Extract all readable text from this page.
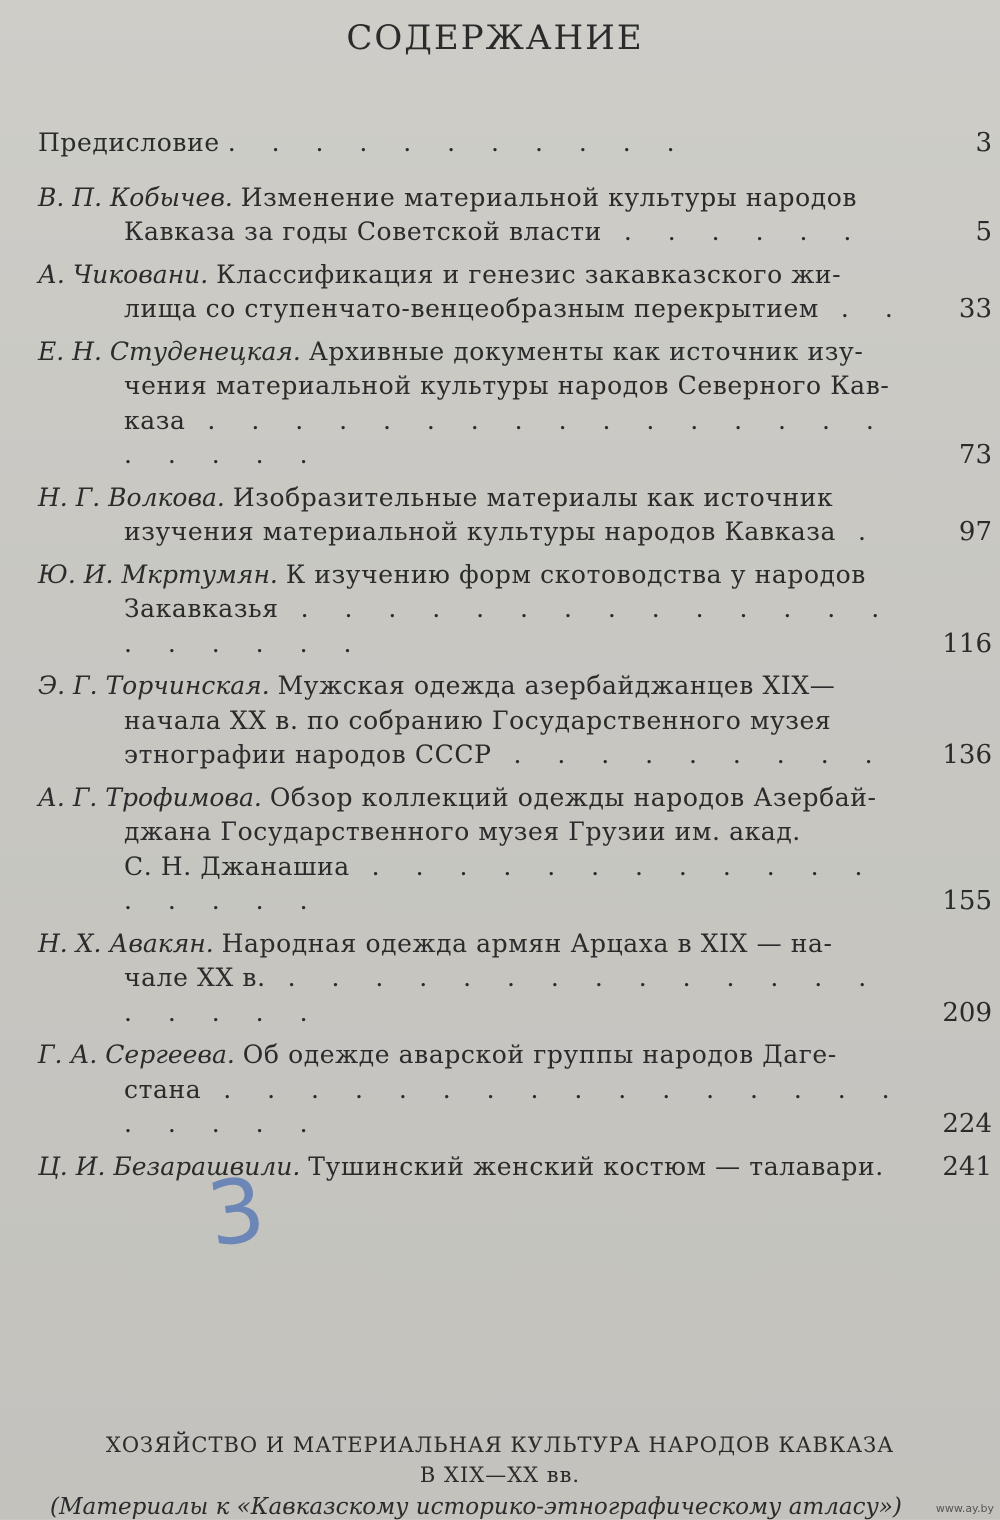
СОДЕРЖАНИЕ
Предисловие . . . . . . . . . . .	3
В. П. Кобычев. Изменение материальной культуры народов
Кавказа за годы Советской власти . . . . . .	5
А. Чиковани. Классификация и генезис закавказского жи-
лища со ступенчато-венцеобразным перекрытием . . 33
Е. Н. Студенецкая. Архивные документы как источник изу-
чения материальной культуры народов Северного Кав-
каза . . . . . . . . . . . . . . . . . . . . .	73
Н. Г. Волкова. Изобразительные материалы как источник
изучения материальной культуры народов Кавказа .	97
Ю. И. Мкртумян. К изучению форм скотоводства у народов
Закавказья . . . . . . . . . . . . . . . . . . . .	116
Э. Г. Торчинская. Мужская одежда азербайджанцев XIX—
начала XX в. по собранию Государственного музея
этнографии народов СССР . . . . . . . . .	136
А. Г. Трофимова. Обзор коллекций одежды народов Азербай-
джана Государственного музея Грузии им. акад.
С. Н. Джанашиа . . . . . . . . . . . . . . . . .	155
Н. Х. Авакян. Народная одежда армян Арцаха в XIX — на-
чале XX в. . . . . . . . . . . . . . . . . . . .	209
Г. А. Сергеева. Об одежде аварской группы народов Даге-
стана . . . . . . . . . . . . . . . . . . . . .	224
Ц. И. Безарашвили. Тушинский женский костюм — талавари.	241
3
ХОЗЯЙСТВО И МАТЕРИАЛЬНАЯ КУЛЬТУРА НАРОДОВ КАВКАЗА
В XIX—XX вв.
(Материалы к «Кавказскому историко-этнографическому атласу»)	www.ay.by
